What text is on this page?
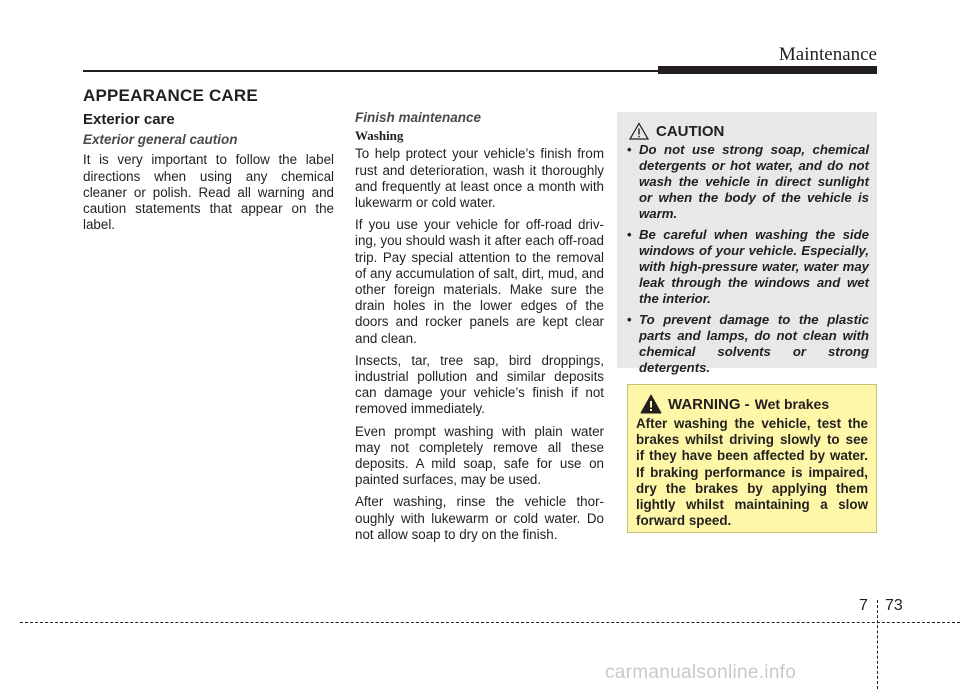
Maintenance
APPEARANCE CARE
Exterior care
Exterior general caution

It is very important to follow the label directions when using any chemical cleaner or polish. Read all warning and caution statements that appear on the label.

Finish maintenance
Washing

To help protect your vehicle’s finish from rust and deterioration, wash it thoroughly and frequently at least once a month with lukewarm or cold water.

If you use your vehicle for off-road driv-ing, you should wash it after each off-road trip. Pay special attention to the removal of any accumulation of salt, dirt, mud, and other foreign materials. Make sure the drain holes in the lower edges of the doors and rocker panels are kept clear and clean.

Insects, tar, tree sap, bird droppings, industrial pollution and similar deposits can damage your vehicle’s finish if not removed immediately.

Even prompt washing with plain water may not completely remove all these deposits. A mild soap, safe for use on painted surfaces, may be used.

After washing, rinse the vehicle thor-oughly with lukewarm or cold water. Do not allow soap to dry on the finish.

CAUTION
• Do not use strong soap, chemical detergents or hot water, and do not wash the vehicle in direct sunlight or when the body of the vehicle is warm.
• Be careful when washing the side windows of your vehicle. Especially, with high-pressure water, water may leak through the windows and wet the interior.
• To prevent damage to the plastic parts and lamps, do not clean with chemical solvents or strong detergents.
WARNING - Wet brakes

After washing the vehicle, test the brakes whilst driving slowly to see if they have been affected by water. If braking performance is impaired, dry the brakes by applying them lightly whilst maintaining a slow forward speed.

7 73
carmanualsonline.info
